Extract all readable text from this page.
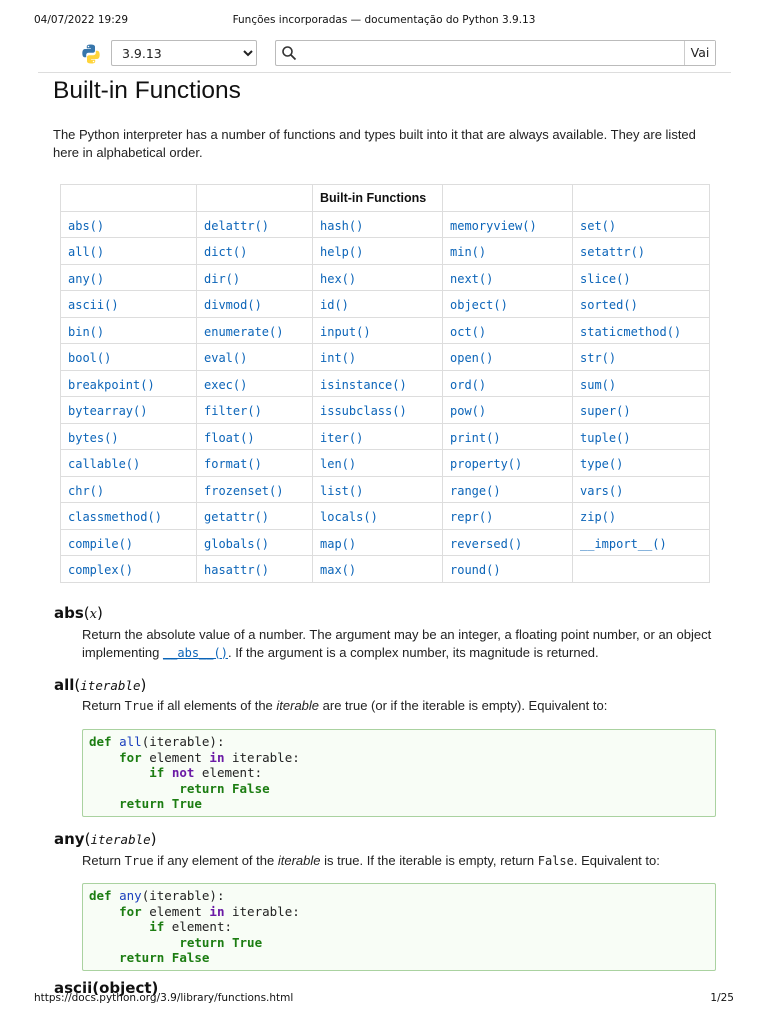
04/07/2022 19:29	Funções incorporadas — documentação do Python 3.9.13
3.9.13
Vai
Built-in Functions

The Python interpreter has a number of functions and types built into it that are always available. They are listed here in alphabetical order.

		Built-in Functions		
abs()	delattr()	hash()	memoryview()	set()
all()	dict()	help()	min()	setattr()
any()	dir()	hex()	next()	slice()
ascii()	divmod()	id()	object()	sorted()
bin()	enumerate()	input()	oct()	staticmethod()
bool()	eval()	int()	open()	str()
breakpoint()	exec()	isinstance()	ord()	sum()
bytearray()	filter()	issubclass()	pow()	super()
bytes()	float()	iter()	print()	tuple()
callable()	format()	len()	property()	type()
chr()	frozenset()	list()	range()	vars()
classmethod()	getattr()	locals()	repr()	zip()
compile()	globals()	map()	reversed()	__import__()
complex()	hasattr()	max()	round()	
abs(x)

Return the absolute value of a number. The argument may be an integer, a floating point number, or an object implementing __abs__(). If the argument is a complex number, its magnitude is returned.

all(iterable)

Return True if all elements of the iterable are true (or if the iterable is empty). Equivalent to:

def all(iterable):
for element in iterable:
if not element:
return False
return True
any(iterable)

Return True if any element of the iterable is true. If the iterable is empty, return False. Equivalent to:

def any(iterable):
for element in iterable:
if element:
return True
return False
ascii(object)
https://docs.python.org/3.9/library/functions.html	1/25
